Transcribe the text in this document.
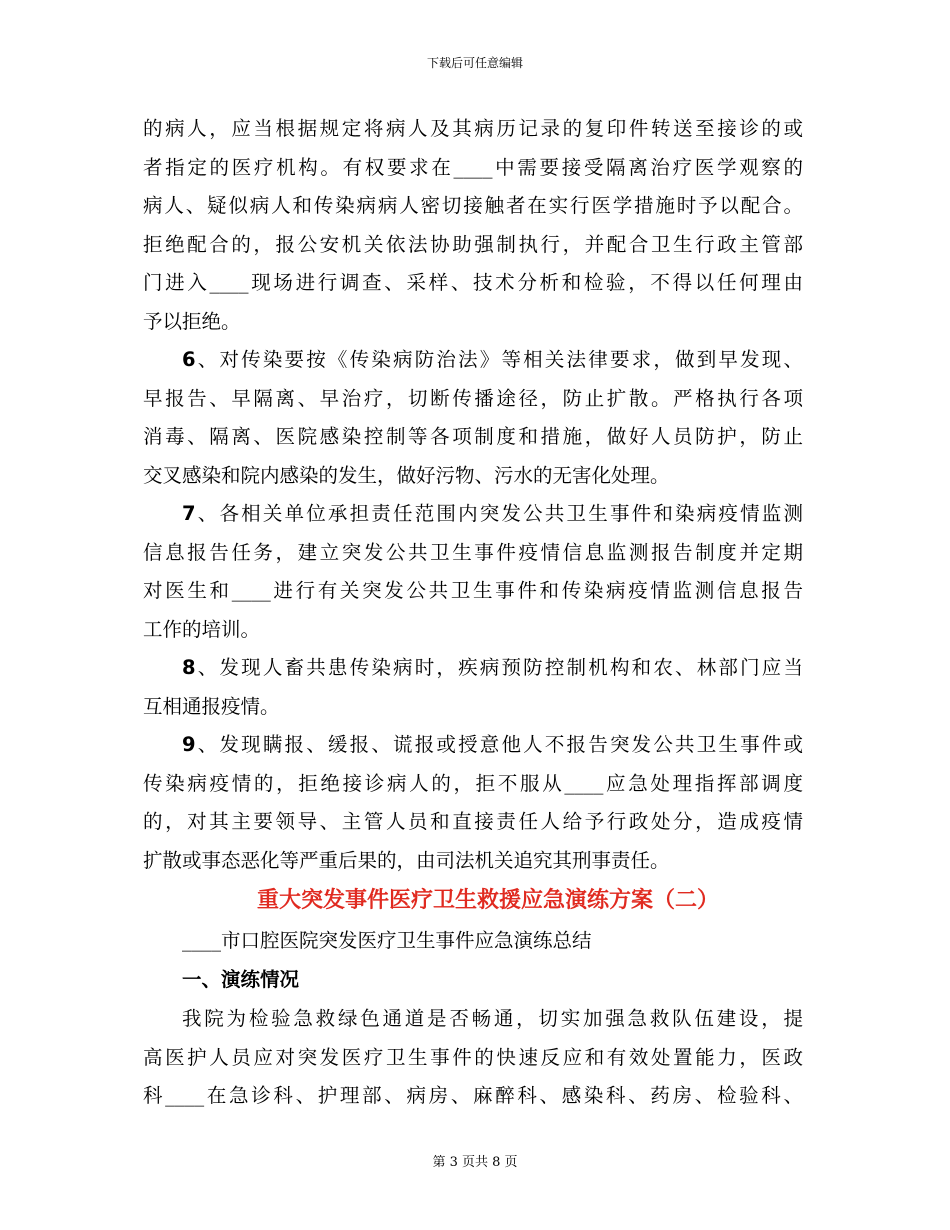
下载后可任意编辑

的病人，应当根据规定将病人及其病历记录的复印件转送至接诊的或
者指定的医疗机构。有权要求在____中需要接受隔离治疗医学观察的
病人、疑似病人和传染病病人密切接触者在实行医学措施时予以配合。
拒绝配合的，报公安机关依法协助强制执行，并配合卫生行政主管部
门进入____现场进行调查、采样、技术分析和检验，不得以任何理由
予以拒绝。

6、对传染要按《传染病防治法》等相关法律要求，做到早发现、
早报告、早隔离、早治疗，切断传播途径，防止扩散。严格执行各项
消毒、隔离、医院感染控制等各项制度和措施，做好人员防护，防止
交叉感染和院内感染的发生，做好污物、污水的无害化处理。

7、各相关单位承担责任范围内突发公共卫生事件和染病疫情监测
信息报告任务，建立突发公共卫生事件疫情信息监测报告制度并定期
对医生和____进行有关突发公共卫生事件和传染病疫情监测信息报告
工作的培训。

8、发现人畜共患传染病时，疾病预防控制机构和农、林部门应当
互相通报疫情。

9、发现瞒报、缓报、谎报或授意他人不报告突发公共卫生事件或
传染病疫情的，拒绝接诊病人的，拒不服从____应急处理指挥部调度
的，对其主要领导、主管人员和直接责任人给予行政处分，造成疫情
扩散或事态恶化等严重后果的，由司法机关追究其刑事责任。

重大突发事件医疗卫生救援应急演练方案（二）

____市口腔医院突发医疗卫生事件应急演练总结

一、演练情况

我院为检验急救绿色通道是否畅通，切实加强急救队伍建设，提
高医护人员应对突发医疗卫生事件的快速反应和有效处置能力，医政
科____在急诊科、护理部、病房、麻醉科、感染科、药房、检验科、

第 3 页共 8 页
